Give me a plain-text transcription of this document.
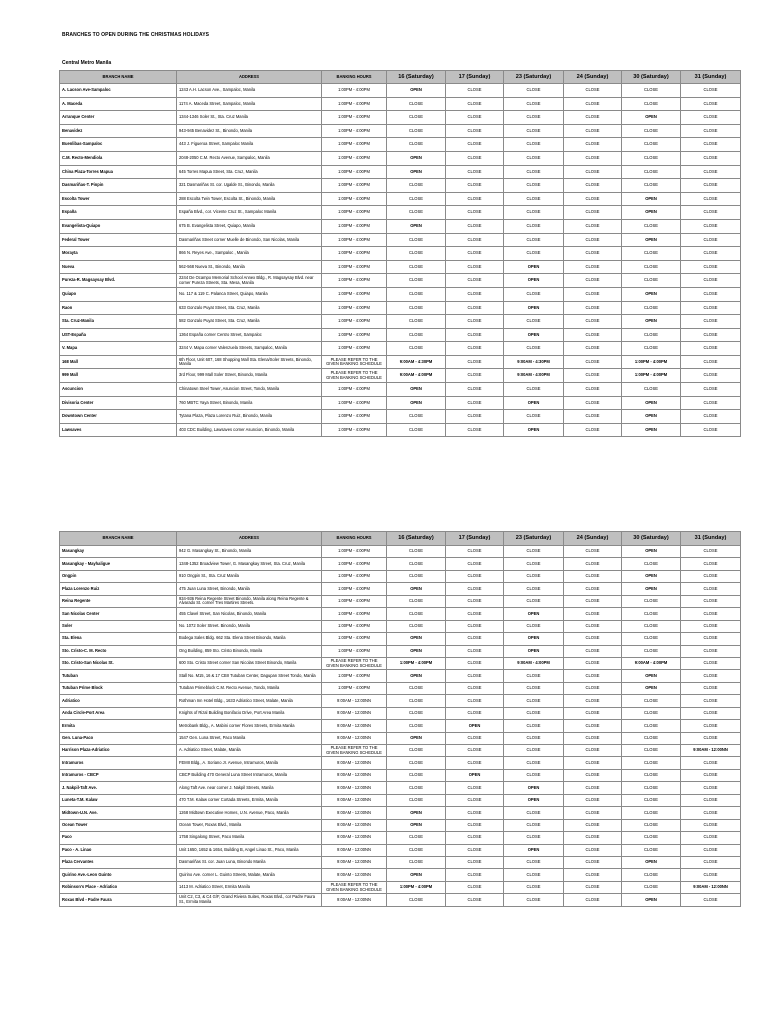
BRANCHES TO OPEN DURING THE CHRISTMAS HOLIDAYS
Central Metro Manila
BRANCH NAME	ADDRESS	BANKING HOURS	16 (Saturday)	17 (Sunday)	23 (Saturday)	24 (Sunday)	30 (Saturday)	31 (Sunday)
A. Lacson Ave-Sampaloc	1243 A.H. Lacson Ave., Sampaloc, Manila	1:00PM - 4:00PM	OPEN	CLOSE	CLOSE	CLOSE	CLOSE	CLOSE
A. Maceda	1174 A. Maceda Street, Sampaloc, Manila	1:00PM - 4:00PM	CLOSE	CLOSE	CLOSE	CLOSE	CLOSE	CLOSE
Arranque Center	1344-1346 Soler St., Sta. Cruz Manila	1:00PM - 4:00PM	CLOSE	CLOSE	CLOSE	CLOSE	OPEN	CLOSE
Benavidez	943-945 Benavidez St., Binondo, Manila	1:00PM - 4:00PM	CLOSE	CLOSE	CLOSE	CLOSE	CLOSE	CLOSE
Buenlibas-Sampaloc	443 J. Figueroa Street, Sampaloc Manila	1:00PM - 4:00PM	CLOSE	CLOSE	CLOSE	CLOSE	CLOSE	CLOSE
C.M. Recto-Mendiola	2048-2050 C.M. Recto Avenue, Sampaloc, Manila	1:00PM - 4:00PM	OPEN	CLOSE	CLOSE	CLOSE	CLOSE	CLOSE
China Plaza-Torres Mapua	645 Torres Mapua Street, Sta. Cruz, Manila	1:00PM - 4:00PM	OPEN	CLOSE	CLOSE	CLOSE	CLOSE	CLOSE
Dasmariñas-T. Pinpin	321 Dasmariñas St. cor. Ugalde St., Binondo, Manila	1:00PM - 4:00PM	CLOSE	CLOSE	CLOSE	CLOSE	CLOSE	CLOSE
Escolta Tower	288 Escolta Twin Tower, Escolta St., Binondo, Manila	1:00PM - 4:00PM	CLOSE	CLOSE	CLOSE	CLOSE	OPEN	CLOSE
España	España Blvd., cor. Vicente Cruz St., Sampaloc Manila	1:00PM - 4:00PM	CLOSE	CLOSE	CLOSE	CLOSE	OPEN	CLOSE
Evangelista-Quiapo	675 B. Evangelista Street, Quiapo, Manila	1:00PM - 4:00PM	OPEN	CLOSE	CLOSE	CLOSE	CLOSE	CLOSE
Federal Tower	Dasmariñas Street corner Muelle de Binondo, San Nicolas, Manila	1:00PM - 4:00PM	CLOSE	CLOSE	CLOSE	CLOSE	OPEN	CLOSE
Morayta	866 N. Reyes Ave., Sampaloc , Manila	1:00PM - 4:00PM	CLOSE	CLOSE	CLOSE	CLOSE	CLOSE	CLOSE
Nueva	562-568 Nueva St., Binondo, Manila	1:00PM - 4:00PM	CLOSE	CLOSE	OPEN	CLOSE	CLOSE	CLOSE
Pureza-R. Magsaysay Blvd.	2244 De Ocampo Memorial School Annex Bldg., R. Magsaysay Blvd. near corner Pureza Streets, Sta. Mesa, Manila	1:00PM - 4:00PM	CLOSE	CLOSE	OPEN	CLOSE	CLOSE	CLOSE
Quiapo	No. 117 & 119 C. Palanca Street, Quiapo, Manila	1:00PM - 4:00PM	CLOSE	CLOSE	CLOSE	CLOSE	OPEN	CLOSE
Raon	633 Gonzalo Puyat Street, Sta. Cruz, Manila	1:00PM - 4:00PM	CLOSE	CLOSE	OPEN	CLOSE	CLOSE	CLOSE
Sta. Cruz-Manila	582 Gonzalo Puyat Street, Sta. Cruz, Manila	1:00PM - 4:00PM	CLOSE	CLOSE	CLOSE	CLOSE	OPEN	CLOSE
UST-España	1364 España corner Centro Street, Sampaloc	1:00PM - 4:00PM	CLOSE	CLOSE	OPEN	CLOSE	CLOSE	CLOSE
V. Mapa	3244 V. Mapa corner Valenzuela Streets, Sampaloc, Manila	1:00PM - 4:00PM	CLOSE	CLOSE	CLOSE	CLOSE	CLOSE	CLOSE
168 Mall	6th Floor, Unit 607, 168 Shopping Mall Sta. Elena/Soler Streets, Binondo, Manila	PLEASE REFER TO THE GIVEN BANKING SCHEDULE	9:00AM - 4:30PM	CLOSE	9:00AM - 4:30PM	CLOSE	1:00PM - 4:00PM	CLOSE
999 Mall	3rd Floor, 999 Mall Soler Street, Binondo, Manila	PLEASE REFER TO THE GIVEN BANKING SCHEDULE	9:00AM - 4:00PM	CLOSE	9:00AM - 4:00PM	CLOSE	1:00PM - 4:00PM	CLOSE
Ascuncion	Chinatown Steel Tower, Asuncion Street, Tondo, Manila	1:00PM - 4:00PM	OPEN	CLOSE	CLOSE	CLOSE	CLOSE	CLOSE
Divisoria Center	760 MBTC Yaya Street, Binondo, Manila	1:00PM - 4:00PM	OPEN	CLOSE	OPEN	CLOSE	OPEN	CLOSE
Downtown Center	Tytana Plaza, Plaza Lorenzo Ruiz, Binondo, Manila	1:00PM - 4:00PM	CLOSE	CLOSE	CLOSE	CLOSE	OPEN	CLOSE
Lawsaves	403 CDC Building, Lawsaves corner Asuncion, Binondo, Manila	1:00PM - 4:00PM	CLOSE	CLOSE	OPEN	CLOSE	OPEN	CLOSE
BRANCH NAME	ADDRESS	BANKING HOURS	16 (Saturday)	17 (Sunday)	23 (Saturday)	24 (Sunday)	30 (Saturday)	31 (Sunday)
Masangkay	942 G. Masangkay St., Binondo, Manila	1:00PM - 4:00PM	CLOSE	CLOSE	CLOSE	CLOSE	OPEN	CLOSE
Masangkay - Mayhaligue	1348-1352 Broadview Tower, G. Masangkay Street, Sta. Cruz, Manila	1:00PM - 4:00PM	CLOSE	CLOSE	CLOSE	CLOSE	CLOSE	CLOSE
Ongpin	910 Ongpin St., Sta. Cruz Manila	1:00PM - 4:00PM	CLOSE	CLOSE	CLOSE	CLOSE	OPEN	CLOSE
Plaza Lorenzo Ruiz	475 Juan Luna Street, Binondo, Manila	1:00PM - 4:00PM	OPEN	CLOSE	CLOSE	CLOSE	OPEN	CLOSE
Reina Regente	934-936 Reina Regente Street Binondo, Manila along Reina Regente & Alvarado St. corner Tres Martires Streets.	1:00PM - 4:00PM	CLOSE	CLOSE	CLOSE	CLOSE	CLOSE	CLOSE
San Nicolas Center	455 Clavel Street, San Nicolas, Binondo, Manila	1:00PM - 4:00PM	CLOSE	CLOSE	OPEN	CLOSE	CLOSE	CLOSE
Soler	No. 1072 Soler Street. Binondo, Manila	1:00PM - 4:00PM	CLOSE	CLOSE	CLOSE	CLOSE	CLOSE	CLOSE
Sta. Elena	Bodega Sales Bldg. 662 Sta. Elena Street Binondo, Manila	1:00PM - 4:00PM	OPEN	CLOSE	OPEN	CLOSE	CLOSE	CLOSE
Sto. Cristo-C. M. Recto	Ong Building, 859 Sto. Cristo Binondo, Manila	1:00PM - 4:00PM	OPEN	CLOSE	OPEN	CLOSE	CLOSE	CLOSE
Sto. Cristo-San Nicolas St.	600 Sto. Cristo Street corner San Nicolas Street Binondo, Manila	PLEASE REFER TO THE GIVEN BANKING SCHEDULE	1:00PM - 4:00PM	CLOSE	9:00AM - 4:00PM	CLOSE	9:00AM - 4:00PM	CLOSE
Tutuban	Stall No. M15, 16 & 17 CBII Tutuban Center, Dagupan Street Tondo, Manila	1:00PM - 4:00PM	OPEN	CLOSE	CLOSE	CLOSE	OPEN	CLOSE
Tutuban Prime Block	Tutuban Primeblock C.M. Recto Avenue, Tondo, Manila	1:00PM - 4:00PM	CLOSE	CLOSE	CLOSE	CLOSE	OPEN	CLOSE
Adriatico	Rothman Inn Hotel Bldg., 1633 Adriatico Street, Malate, Manila	9:00AM - 12:00NN	CLOSE	CLOSE	CLOSE	CLOSE	CLOSE	CLOSE
Anda Circle-Port Area	Knights of Rizal Building Bonifacio Drive, Port Area Manila	9:00AM - 12:00NN	CLOSE	CLOSE	CLOSE	CLOSE	CLOSE	CLOSE
Ermita	Metrobank Bldg., A. Mabini corner Flores Streets, Ermita Manila	9:00AM - 12:00NN	CLOSE	OPEN	CLOSE	CLOSE	CLOSE	CLOSE
Gen. Luna-Paco	1547 Gen. Luna Street, Paco Manila	9:00AM - 12:00NN	OPEN	CLOSE	CLOSE	CLOSE	CLOSE	CLOSE
Harrison Plaza-Adriatico	A. Adriatico Street, Malate, Manila	PLEASE REFER TO THE GIVEN BANKING SCHEDULE	CLOSE	CLOSE	CLOSE	CLOSE	CLOSE	9:00AM - 12:00NN
Intramuros	FEMII Bldg., A. Soriano Jr. Avenue, Intramuros, Manila	9:00AM - 12:00NN	CLOSE	CLOSE	CLOSE	CLOSE	CLOSE	CLOSE
Intramuros - CBCP	CBCP Building 470 General Luna Street Intramuros, Manila	9:00AM - 12:00NN	CLOSE	OPEN	CLOSE	CLOSE	CLOSE	CLOSE
J. Nakpil-Taft Ave.	Along Taft Ave. near corner J. Nakpil Streets, Manila	9:00AM - 12:00NN	CLOSE	CLOSE	OPEN	CLOSE	CLOSE	CLOSE
Luneta-T.M. Kalaw	470 T.M. Kalaw corner Cortada Streets, Ermita, Manila	9:00AM - 12:00NN	CLOSE	CLOSE	OPEN	CLOSE	CLOSE	CLOSE
Midtown-U.N. Ave.	1268 Midtown Executive Homes, U.N. Avenue, Paco, Manila	9:00AM - 12:00NN	OPEN	CLOSE	CLOSE	CLOSE	CLOSE	CLOSE
Ocean Tower	Ocean Tower, Roxas Blvd., Manila	9:00AM - 12:00NN	OPEN	CLOSE	CLOSE	CLOSE	CLOSE	CLOSE
Paco	1758 Singalong Street, Paco Manila	9:00AM - 12:00NN	CLOSE	CLOSE	CLOSE	CLOSE	CLOSE	CLOSE
Paco - A. Linao	Unit 1650, 1652 & 1654, Building B, Angel Linao St., Paco, Manila	9:00AM - 12:00NN	CLOSE	CLOSE	OPEN	CLOSE	CLOSE	CLOSE
Plaza Cervantes	Dasmariñas St. cor. Juan Luna, Binondo Manila	9:00AM - 12:00NN	CLOSE	CLOSE	CLOSE	CLOSE	OPEN	CLOSE
Quirino Ave.-Leon Guinto	Quirino Ave. corner L. Guinto Streets, Malate, Manila	9:00AM - 12:00NN	OPEN	CLOSE	CLOSE	CLOSE	CLOSE	CLOSE
Robinson's Place - Adriatico	1413 M. Adriatico Street, Ermita Manila	PLEASE REFER TO THE GIVEN BANKING SCHEDULE	1:00PM - 4:00PM	CLOSE	CLOSE	CLOSE	CLOSE	9:00AM - 12:00NN
Roxas Blvd - Padre Faura	Unit C2, C3, & C4 G/F, Grand Riviera Suites, Roxas Blvd., cor Padre Faura St., Ermita Manila	9:00AM - 12:00NN	CLOSE	CLOSE	CLOSE	CLOSE	OPEN	CLOSE
